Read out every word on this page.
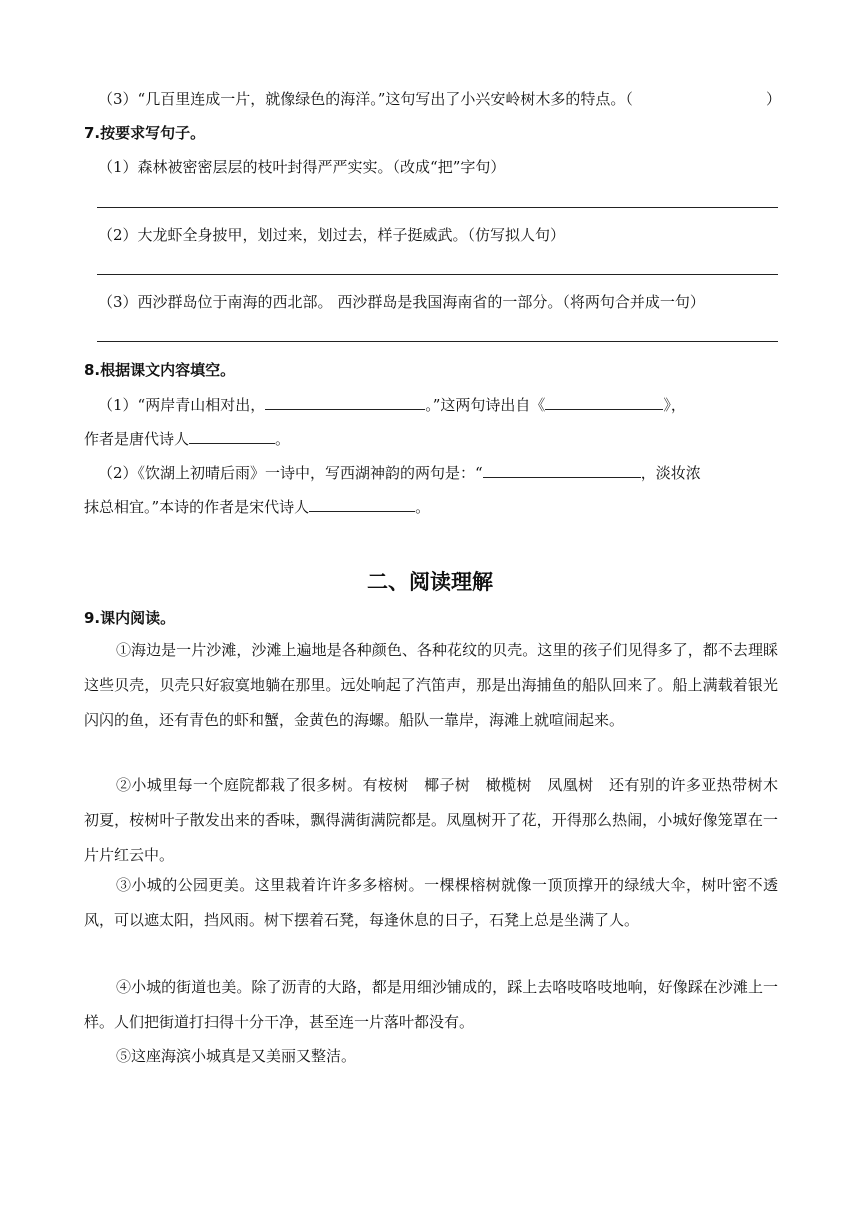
（3）“几百里连成一片，就像绿色的海洋。”这句写出了小兴安岭树木多的特点。（	）
7.按要求写句子。
（1）森林被密密层层的枝叶封得严严实实。（改成“把”字句）
（2）大龙虾全身披甲，划过来，划过去，样子挺威武。（仿写拟人句）
（3）西沙群岛位于南海的西北部。 西沙群岛是我国海南省的一部分。（将两句合并成一句）
8.根据课文内容填空。
（1）“两岸青山相对出，	。”这两句诗出自《	》，
作者是唐代诗人	。
（2）《饮湖上初晴后雨》一诗中，写西湖神韵的两句是：“	，淡妆浓
抹总相宜。”本诗的作者是宋代诗人	。
二、阅读理解
9.课内阅读。
①海边是一片沙滩，沙滩上遍地是各种颜色、各种花纹的贝壳。这里的孩子们见得多了，都不去理睬这些贝壳，贝壳只好寂寞地躺在那里。远处响起了汽笛声，那是出海捕鱼的船队回来了。船上满载着银光闪闪的鱼，还有青色的虾和蟹，金黄色的海螺。船队一靠岸，海滩上就喧闹起来。
②小城里每一个庭院都栽了很多树。有桉树　椰子树　橄榄树　凤凰树　还有别的许多亚热带树木　初夏，桉树叶子散发出来的香味，飘得满街满院都是。凤凰树开了花，开得那么热闹，小城好像笼罩在一片片红云中。
③小城的公园更美。这里栽着许许多多榕树。一棵棵榕树就像一顶顶撑开的绿绒大伞，树叶密不透风，可以遮太阳，挡风雨。树下摆着石凳，每逢休息的日子，石凳上总是坐满了人。
④小城的街道也美。除了沥青的大路，都是用细沙铺成的，踩上去咯吱咯吱地响，好像踩在沙滩上一样。人们把街道打扫得十分干净，甚至连一片落叶都没有。
⑤这座海滨小城真是又美丽又整洁。
